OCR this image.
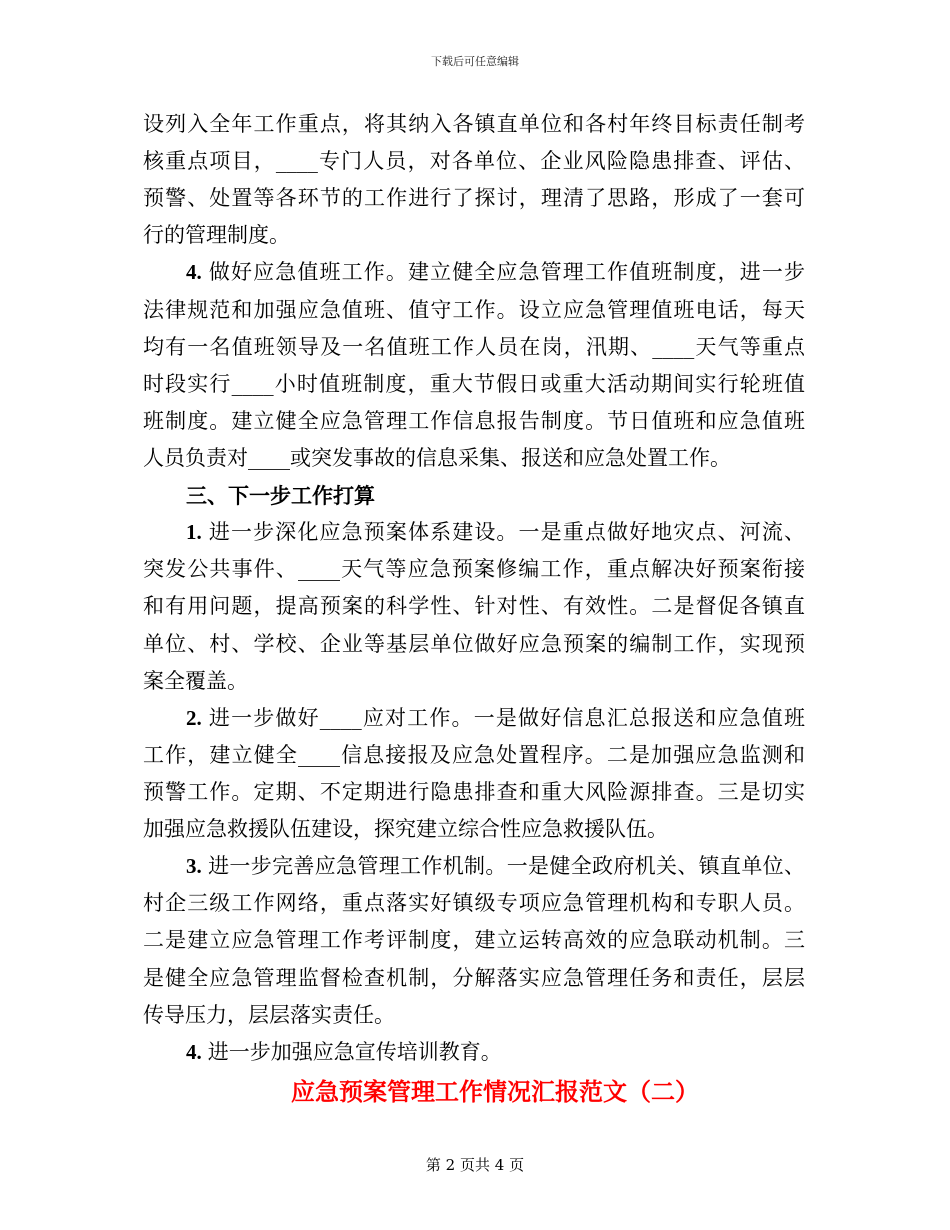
下载后可任意编辑
设列入全年工作重点，将其纳入各镇直单位和各村年终目标责任制考
核重点项目，____专门人员，对各单位、企业风险隐患排查、评估、
预警、处置等各环节的工作进行了探讨，理清了思路，形成了一套可
行的管理制度。
4. 做好应急值班工作。建立健全应急管理工作值班制度，进一步
法律规范和加强应急值班、值守工作。设立应急管理值班电话，每天
均有一名值班领导及一名值班工作人员在岗，汛期、____天气等重点
时段实行____小时值班制度，重大节假日或重大活动期间实行轮班值
班制度。建立健全应急管理工作信息报告制度。节日值班和应急值班
人员负责对____或突发事故的信息采集、报送和应急处置工作。
三、下一步工作打算
1. 进一步深化应急预案体系建设。一是重点做好地灾点、河流、
突发公共事件、____天气等应急预案修编工作，重点解决好预案衔接
和有用问题，提高预案的科学性、针对性、有效性。二是督促各镇直
单位、村、学校、企业等基层单位做好应急预案的编制工作，实现预
案全覆盖。
2. 进一步做好____应对工作。一是做好信息汇总报送和应急值班
工作，建立健全____信息接报及应急处置程序。二是加强应急监测和
预警工作。定期、不定期进行隐患排查和重大风险源排查。三是切实
加强应急救援队伍建设，探究建立综合性应急救援队伍。
3. 进一步完善应急管理工作机制。一是健全政府机关、镇直单位、
村企三级工作网络，重点落实好镇级专项应急管理机构和专职人员。
二是建立应急管理工作考评制度，建立运转高效的应急联动机制。三
是健全应急管理监督检查机制，分解落实应急管理任务和责任，层层
传导压力，层层落实责任。
4. 进一步加强应急宣传培训教育。
应急预案管理工作情况汇报范文（二）
第 2 页共 4 页
